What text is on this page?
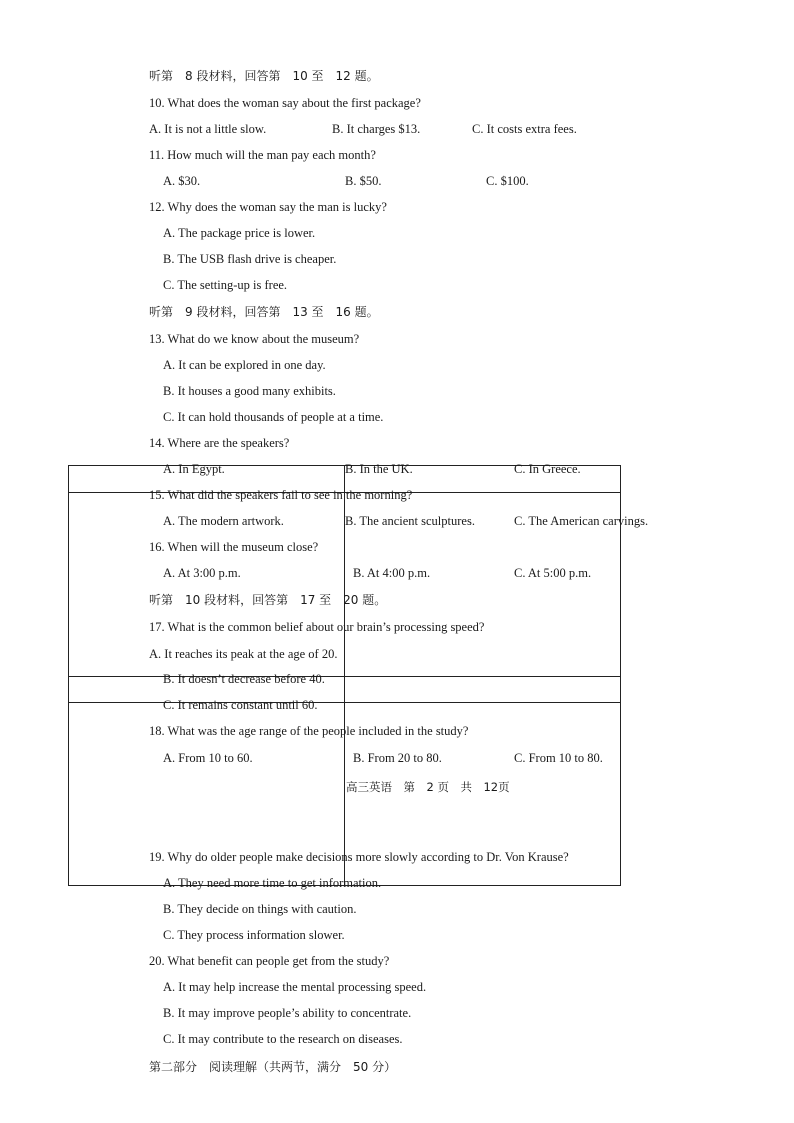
听第　8 段材料，回答第　10 至　12 题。
10. What does the woman say about the first package?
A. It is not a little slow.	B. It charges $13.	C. It costs extra fees.
11. How much will the man pay each month?
A. $30.	B. $50.	C. $100.
12. Why does the woman say the man is lucky?
A. The package price is lower.
B. The USB flash drive is cheaper.
C. The setting-up is free.
听第　9 段材料，回答第　13 至　16 题。
13. What do we know about the museum?
A. It can be explored in one day.
B. It houses a good many exhibits.
C. It can hold thousands of people at a time.
14. Where are the speakers?
A. In Egypt.	B. In the UK.	C. In Greece.
15. What did the speakers fail to see in the morning?
A. The modern artwork.	B. The ancient sculptures.	C. The American carvings.
16. When will the museum close?
A. At 3:00 p.m.	B. At 4:00 p.m.	C. At 5:00 p.m.
听第　10 段材料，回答第　17 至　20 题。
17. What is the common belief about our brain’s processing speed?
A. It reaches its peak at the age of 20.
B. It doesn’t decrease before 40.
C. It remains constant until 60.
18. What was the age range of the people included in the study?
A. From 10 to 60.	B. From 20 to 80.	C. From 10 to 80.
高三英语　第　2 页　共　12页
19. Why do older people make decisions more slowly according to Dr. Von Krause?
A. They need more time to get information.
B. They decide on things with caution.
C. They process information slower.
20. What benefit can people get from the study?
A. It may help increase the mental processing speed.
B. It may improve people’s ability to concentrate.
C. It may contribute to the research on diseases.
第二部分　阅读理解（共两节，满分　50 分）
